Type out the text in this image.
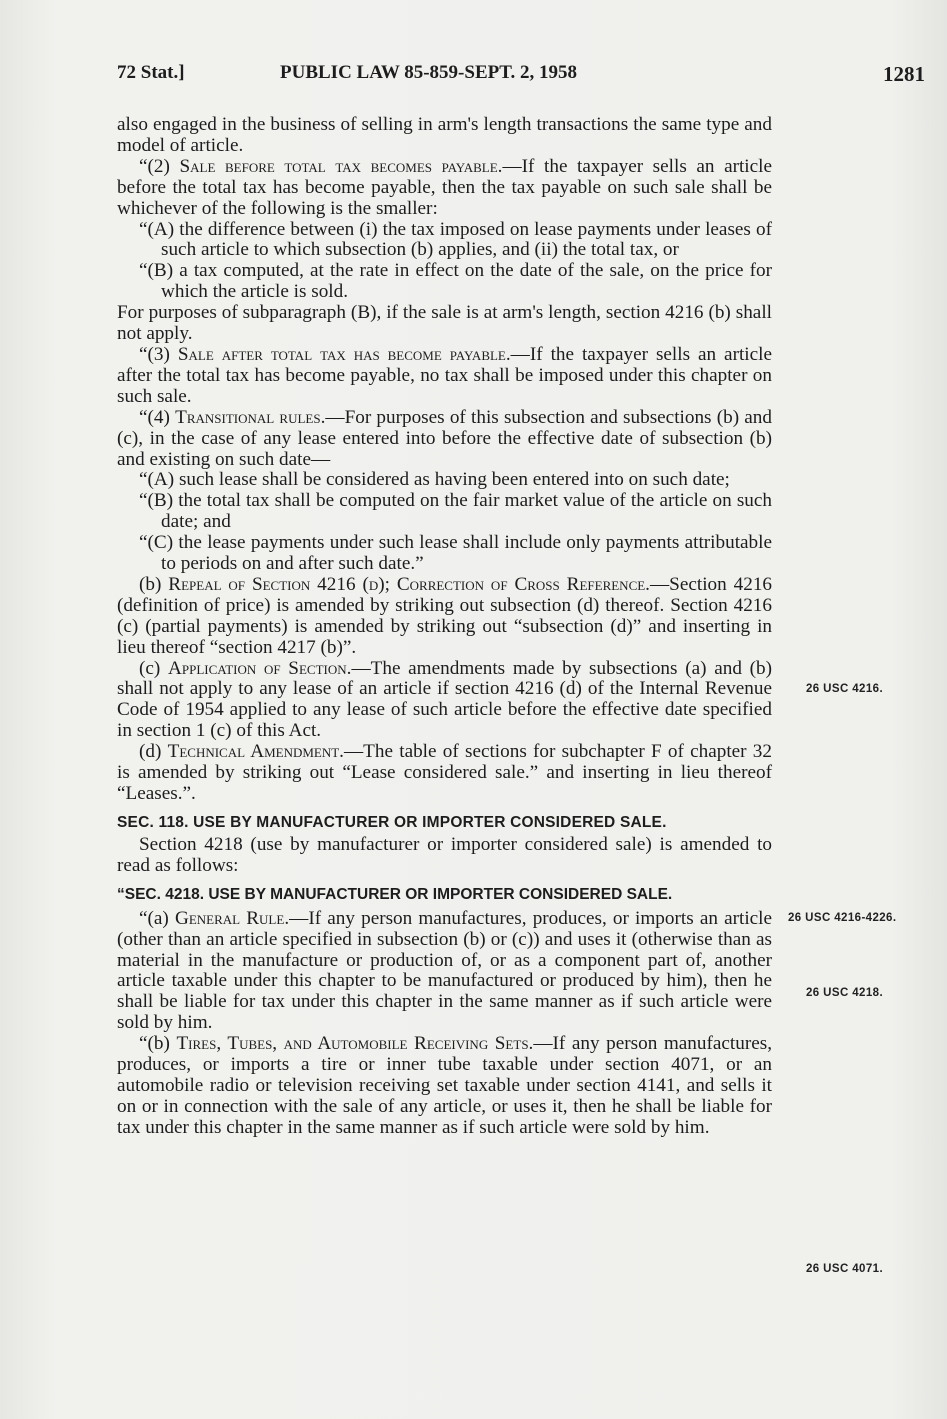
72 Stat.]	PUBLIC LAW 85-859-SEPT. 2, 1958	1281

also engaged in the business of selling in arm's length transactions the same type and model of article.

“(2) Sale before total tax becomes payable.—If the taxpayer sells an article before the total tax has become payable, then the tax payable on such sale shall be whichever of the following is the smaller:

“(A) the difference between (i) the tax imposed on lease payments under leases of such article to which subsection (b) applies, and (ii) the total tax, or

“(B) a tax computed, at the rate in effect on the date of the sale, on the price for which the article is sold.

For purposes of subparagraph (B), if the sale is at arm's length, section 4216 (b) shall not apply.

“(3) Sale after total tax has become payable.—If the taxpayer sells an article after the total tax has become payable, no tax shall be imposed under this chapter on such sale.

“(4) Transitional rules.—For purposes of this subsection and subsections (b) and (c), in the case of any lease entered into before the effective date of subsection (b) and existing on such date—

“(A) such lease shall be considered as having been entered into on such date;

“(B) the total tax shall be computed on the fair market value of the article on such date; and

“(C) the lease payments under such lease shall include only payments attributable to periods on and after such date.”

(b) Repeal of Section 4216 (d); Correction of Cross Reference.—Section 4216 (definition of price) is amended by striking out subsection (d) thereof. Section 4216 (c) (partial payments) is amended by striking out “subsection (d)” and inserting in lieu thereof “section 4217 (b)”.

(c) Application of Section.—The amendments made by subsections (a) and (b) shall not apply to any lease of an article if section 4216 (d) of the Internal Revenue Code of 1954 applied to any lease of such article before the effective date specified in section 1 (c) of this Act.

(d) Technical Amendment.—The table of sections for subchapter F of chapter 32 is amended by striking out “Lease considered sale.” and inserting in lieu thereof “Leases.”.

SEC. 118. USE BY MANUFACTURER OR IMPORTER CONSIDERED SALE.

Section 4218 (use by manufacturer or importer considered sale) is amended to read as follows:

“SEC. 4218. USE BY MANUFACTURER OR IMPORTER CONSIDERED SALE.

“(a) General Rule.—If any person manufactures, produces, or imports an article (other than an article specified in subsection (b) or (c)) and uses it (otherwise than as material in the manufacture or production of, or as a component part of, another article taxable under this chapter to be manufactured or produced by him), then he shall be liable for tax under this chapter in the same manner as if such article were sold by him.

“(b) Tires, Tubes, and Automobile Receiving Sets.—If any person manufactures, produces, or imports a tire or inner tube taxable under section 4071, or an automobile radio or television receiving set taxable under section 4141, and sells it on or in connection with the sale of any article, or uses it, then he shall be liable for tax under this chapter in the same manner as if such article were sold by him.

26 USC 4216.
26 USC 4216-4226.
26 USC 4218.
26 USC 4071.
